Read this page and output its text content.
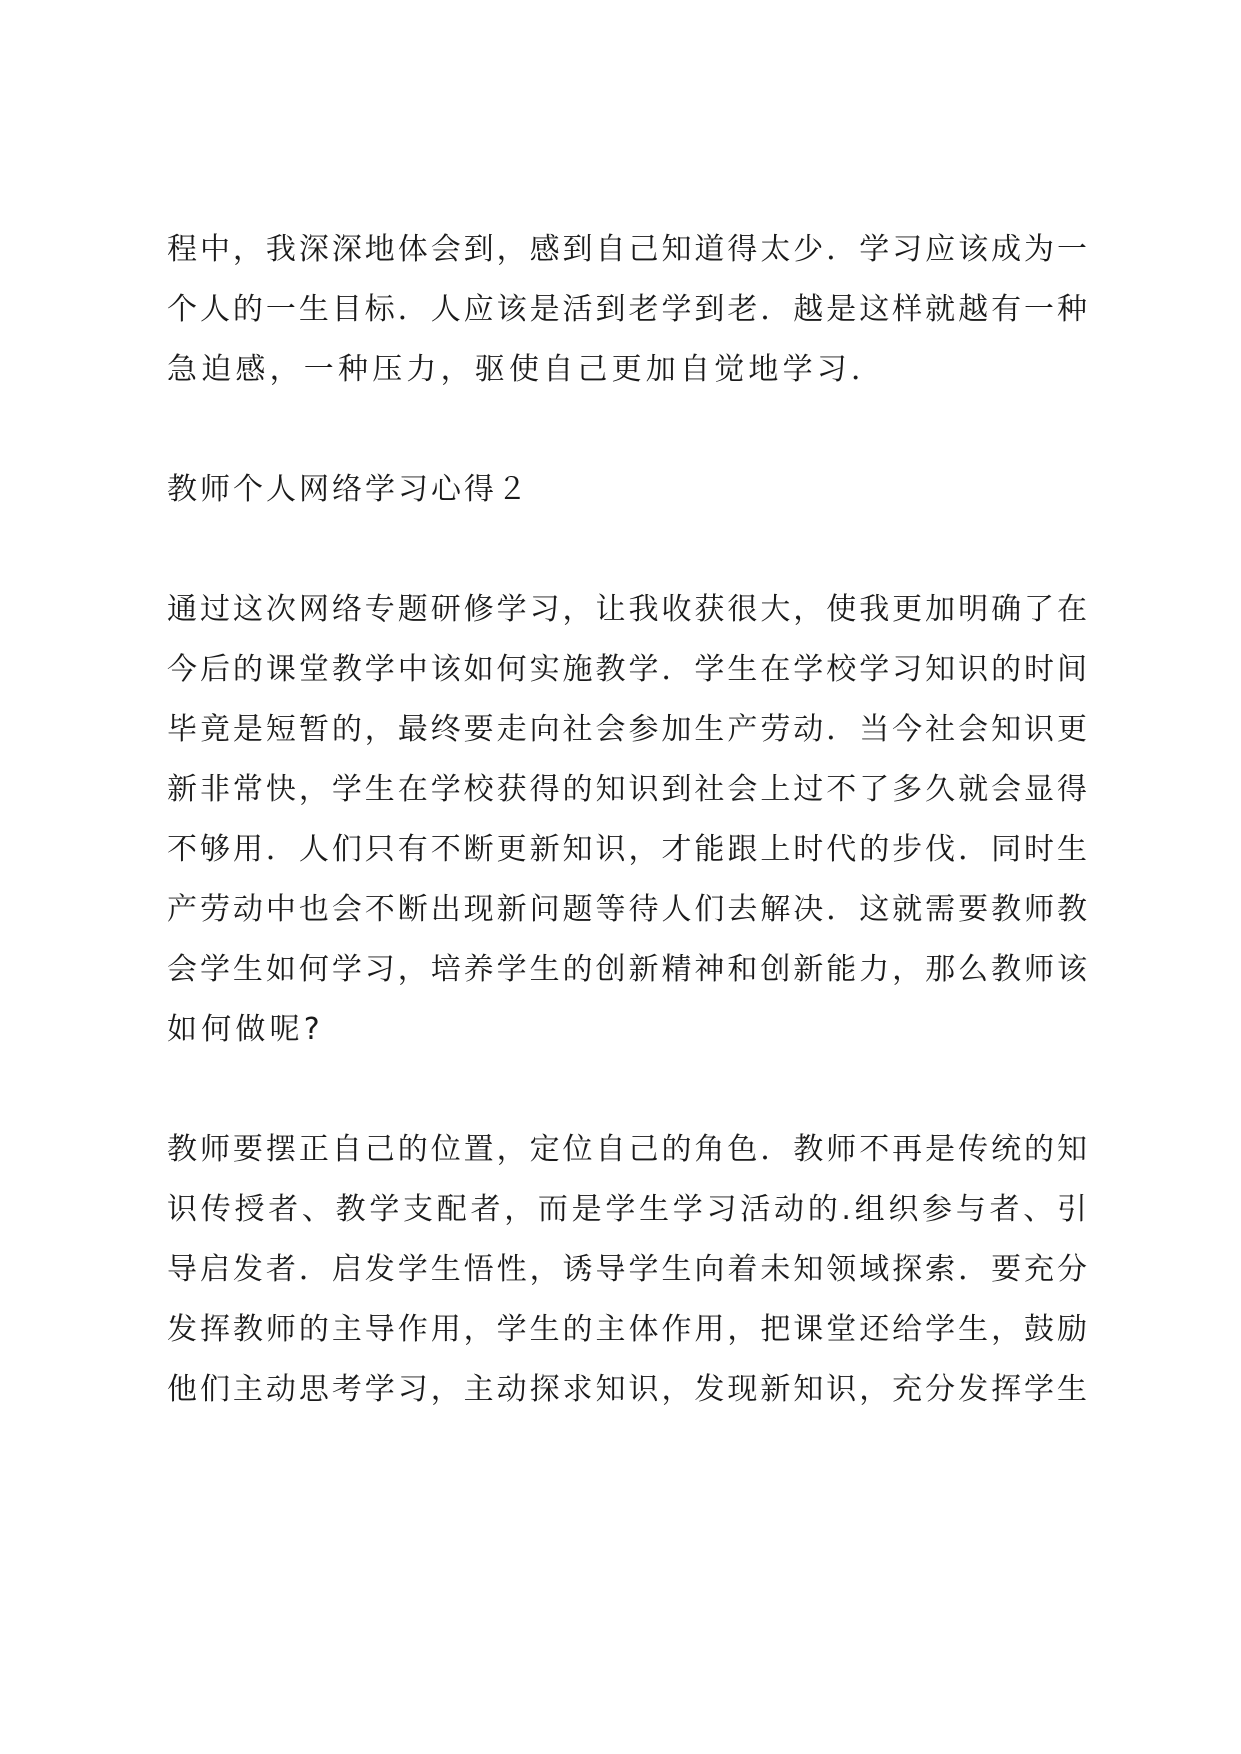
程中，我深深地体会到，感到自己知道得太少．学习应该成为一
个人的一生目标．人应该是活到老学到老．越是这样就越有一种
急迫感，一种压力，驱使自己更加自觉地学习．
教师个人网络学习心得２
通过这次网络专题研修学习，让我收获很大，使我更加明确了在
今后的课堂教学中该如何实施教学．学生在学校学习知识的时间
毕竟是短暂的，最终要走向社会参加生产劳动．当今社会知识更
新非常快，学生在学校获得的知识到社会上过不了多久就会显得
不够用．人们只有不断更新知识，才能跟上时代的步伐．同时生
产劳动中也会不断出现新问题等待人们去解决．这就需要教师教
会学生如何学习，培养学生的创新精神和创新能力，那么教师该
如何做呢?
教师要摆正自己的位置，定位自己的角色．教师不再是传统的知
识传授者、教学支配者，而是学生学习活动的.组织参与者、引
导启发者．启发学生悟性，诱导学生向着未知领域探索．要充分
发挥教师的主导作用，学生的主体作用，把课堂还给学生，鼓励
他们主动思考学习，主动探求知识，发现新知识，充分发挥学生
